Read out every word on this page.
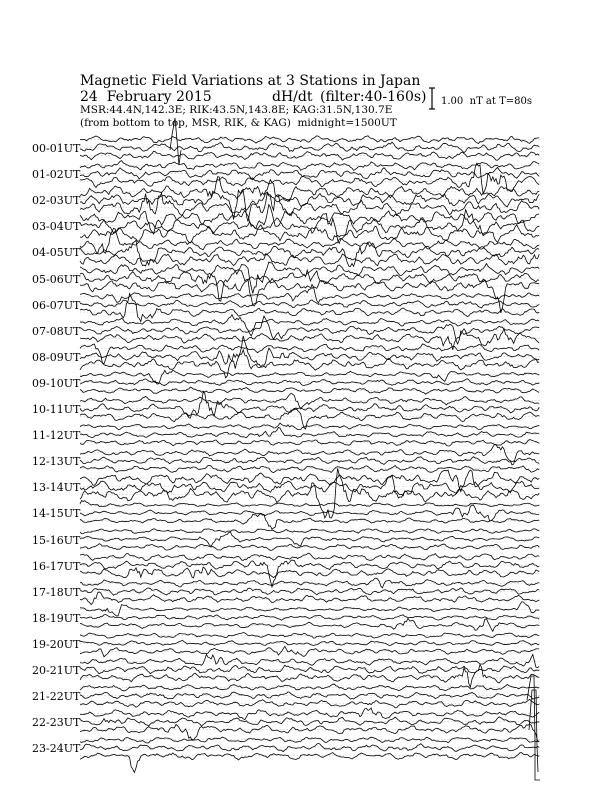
Magnetic Field Variations at 3 Stations in Japan
24  February 2015	dH/dt (filter:40-160s)
MSR:44.4N,142.3E; RIK:43.5N,143.8E; KAG:31.5N,130.7E
(from bottom to top, MSR, RIK, & KAG)  midnight=1500UT
1.00  nT at T=80s
00-01UT
01-02UT
02-03UT
03-04UT
04-05UT
05-06UT
06-07UT
07-08UT
08-09UT
09-10UT
10-11UT
11-12UT
12-13UT
13-14UT
14-15UT
15-16UT
16-17UT
17-18UT
18-19UT
19-20UT
20-21UT
21-22UT
22-23UT
23-24UT
